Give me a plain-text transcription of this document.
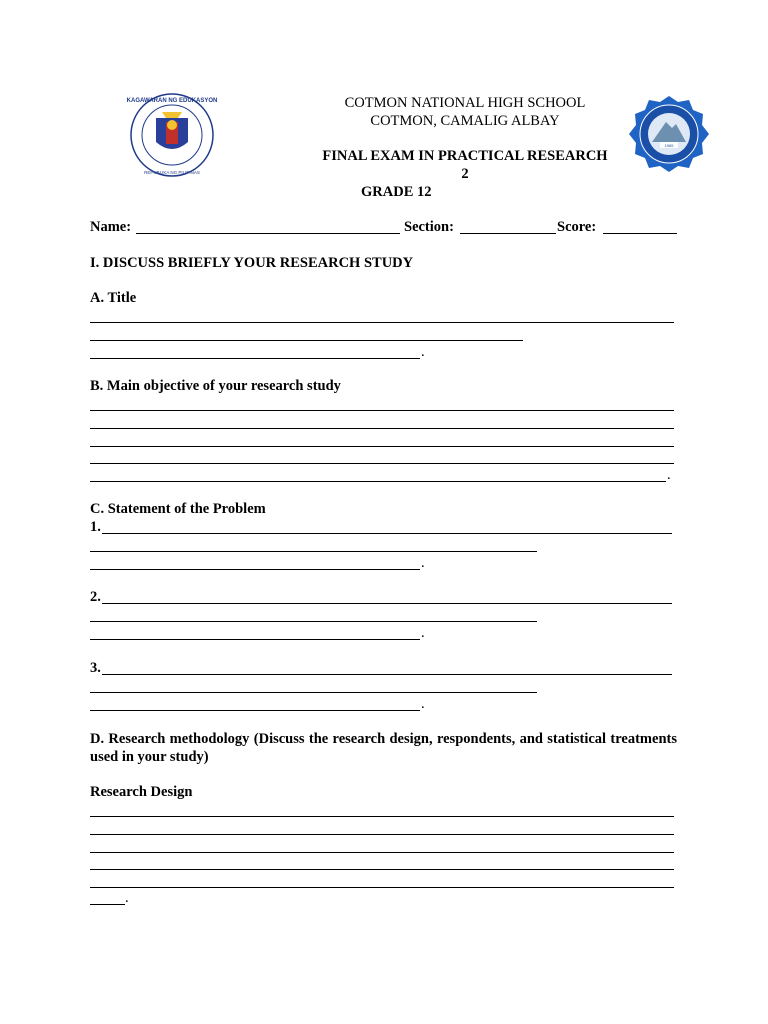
KAGAWARAN NG EDUKASYON
REPUBLIKA NG PILIPINAS
1965
COTMON NATIONAL HIGH SCHOOL
COTMON, CAMALIG ALBAY
FINAL EXAM IN PRACTICAL RESEARCH
2
GRADE 12
Name:	Section:	Score:
I. DISCUSS BRIEFLY YOUR RESEARCH STUDY
A. Title
.
B. Main objective of your research study
.
C. Statement of the Problem
1.
.
2.
.
3.
.
D. Research methodology (Discuss the research design, respondents, and statistical treatments used in your study)
Research Design
.
